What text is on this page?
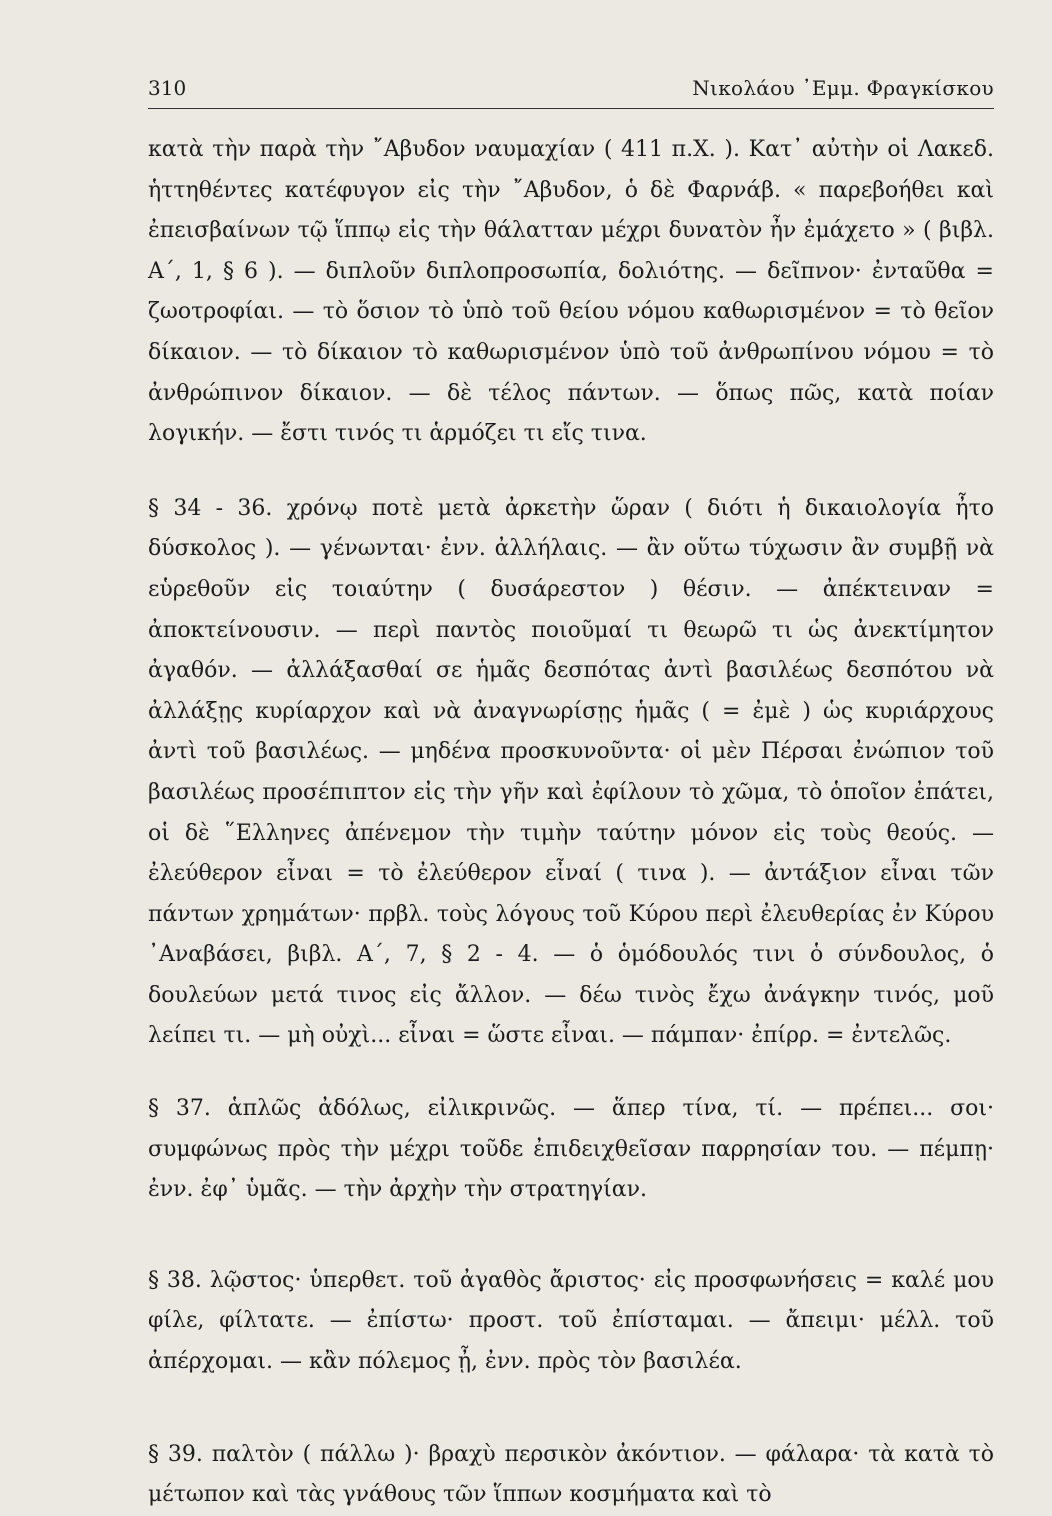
310	Νικολάου ᾿Εμμ. Φραγκίσκου

κατὰ τὴν παρὰ τὴν ῎Αβυδον ναυμαχίαν ( 411 π.Χ. ). Κατ᾿ αὐτὴν οἱ Λακεδ. ἡττηθέντες κατέφυγον εἰς τὴν ῎Αβυδον, ὁ δὲ Φαρνάβ. « παρεβοήθει καὶ ἐπεισβαίνων τῷ ἵππῳ εἰς τὴν θάλατταν μέχρι δυνατὸν ἦν ἐμάχετο » ( βιβλ. Α΄, 1, § 6 ). — διπλοῦν διπλοπροσωπία, δολιότης. — δεῖπνον· ἐνταῦθα = ζωοτροφίαι. — τὸ ὅσιον τὸ ὑπὸ τοῦ θείου νόμου καθωρισμένον = τὸ θεῖον δίκαιον. — τὸ δίκαιον τὸ καθωρισμένον ὑπὸ τοῦ ἀνθρωπίνου νόμου = τὸ ἀνθρώπινον δίκαιον. — δὲ τέλος πάντων. — ὅπως πῶς, κατὰ ποίαν λογικήν. — ἔστι τινός τι ἁρμόζει τι εἴς τινα.

§ 34 - 36. χρόνῳ ποτὲ μετὰ ἀρκετὴν ὥραν ( διότι ἡ δικαιολογία ἦτο δύσκολος ). — γένωνται· ἐνν. ἀλλήλαις. — ἂν οὕτω τύχωσιν ἂν συμβῇ νὰ εὑρεθοῦν εἰς τοιαύτην ( δυσάρεστον ) θέσιν. — ἀπέκτειναν = ἀποκτείνουσιν. — περὶ παντὸς ποιοῦμαί τι θεωρῶ τι ὡς ἀνεκτίμητον ἀγαθόν. — ἀλλάξασθαί σε ἡμᾶς δεσπότας ἀντὶ βασιλέως δεσπότου νὰ ἀλλάξῃς κυρίαρχον καὶ νὰ ἀναγνωρίσῃς ἡμᾶς ( = ἐμὲ ) ὡς κυριάρχους ἀντὶ τοῦ βασιλέως. — μηδένα προσκυνοῦντα· οἱ μὲν Πέρσαι ἐνώπιον τοῦ βασιλέως προσέπιπτον εἰς τὴν γῆν καὶ ἐφίλουν τὸ χῶμα, τὸ ὁποῖον ἐπάτει, οἱ δὲ ῞Ελληνες ἀπένεμον τὴν τιμὴν ταύτην μόνον εἰς τοὺς θεούς. — ἐλεύθερον εἶναι = τὸ ἐλεύθερον εἶναί ( τινα ). — ἀντάξιον εἶναι τῶν πάντων χρημάτων· πρβλ. τοὺς λόγους τοῦ Κύρου περὶ ἐλευθερίας ἐν Κύρου ᾿Αναβάσει, βιβλ. Α΄, 7, § 2 - 4. — ὁ ὁμόδουλός τινι ὁ σύνδουλος, ὁ δουλεύων μετά τινος εἰς ἄλλον. — δέω τινὸς ἔχω ἀνάγκην τινός, μοῦ λείπει τι. — μὴ οὐχὶ... εἶναι = ὥστε εἶναι. — πάμπαν· ἐπίρρ. = ἐντελῶς.

§ 37. ἁπλῶς ἀδόλως, εἰλικρινῶς. — ἅπερ τίνα, τί. — πρέπει... σοι· συμφώνως πρὸς τὴν μέχρι τοῦδε ἐπιδειχθεῖσαν παρρησίαν του. — πέμπῃ· ἐνν. ἐφ᾿ ὑμᾶς. — τὴν ἀρχὴν τὴν στρατηγίαν.

§ 38. λῷστος· ὑπερθετ. τοῦ ἀγαθὸς ἄριστος· εἰς προσφωνήσεις = καλέ μου φίλε, φίλτατε. — ἐπίστω· προστ. τοῦ ἐπίσταμαι. — ἄπειμι· μέλλ. τοῦ ἀπέρχομαι. — κἂν πόλεμος ᾖ, ἐνν. πρὸς τὸν βασιλέα.

§ 39. παλτὸν ( πάλλω )· βραχὺ περσικὸν ἀκόντιον. — φάλαρα· τὰ κατὰ τὸ μέτωπον καὶ τὰς γνάθους τῶν ἵππων κοσμήματα καὶ τὸ
